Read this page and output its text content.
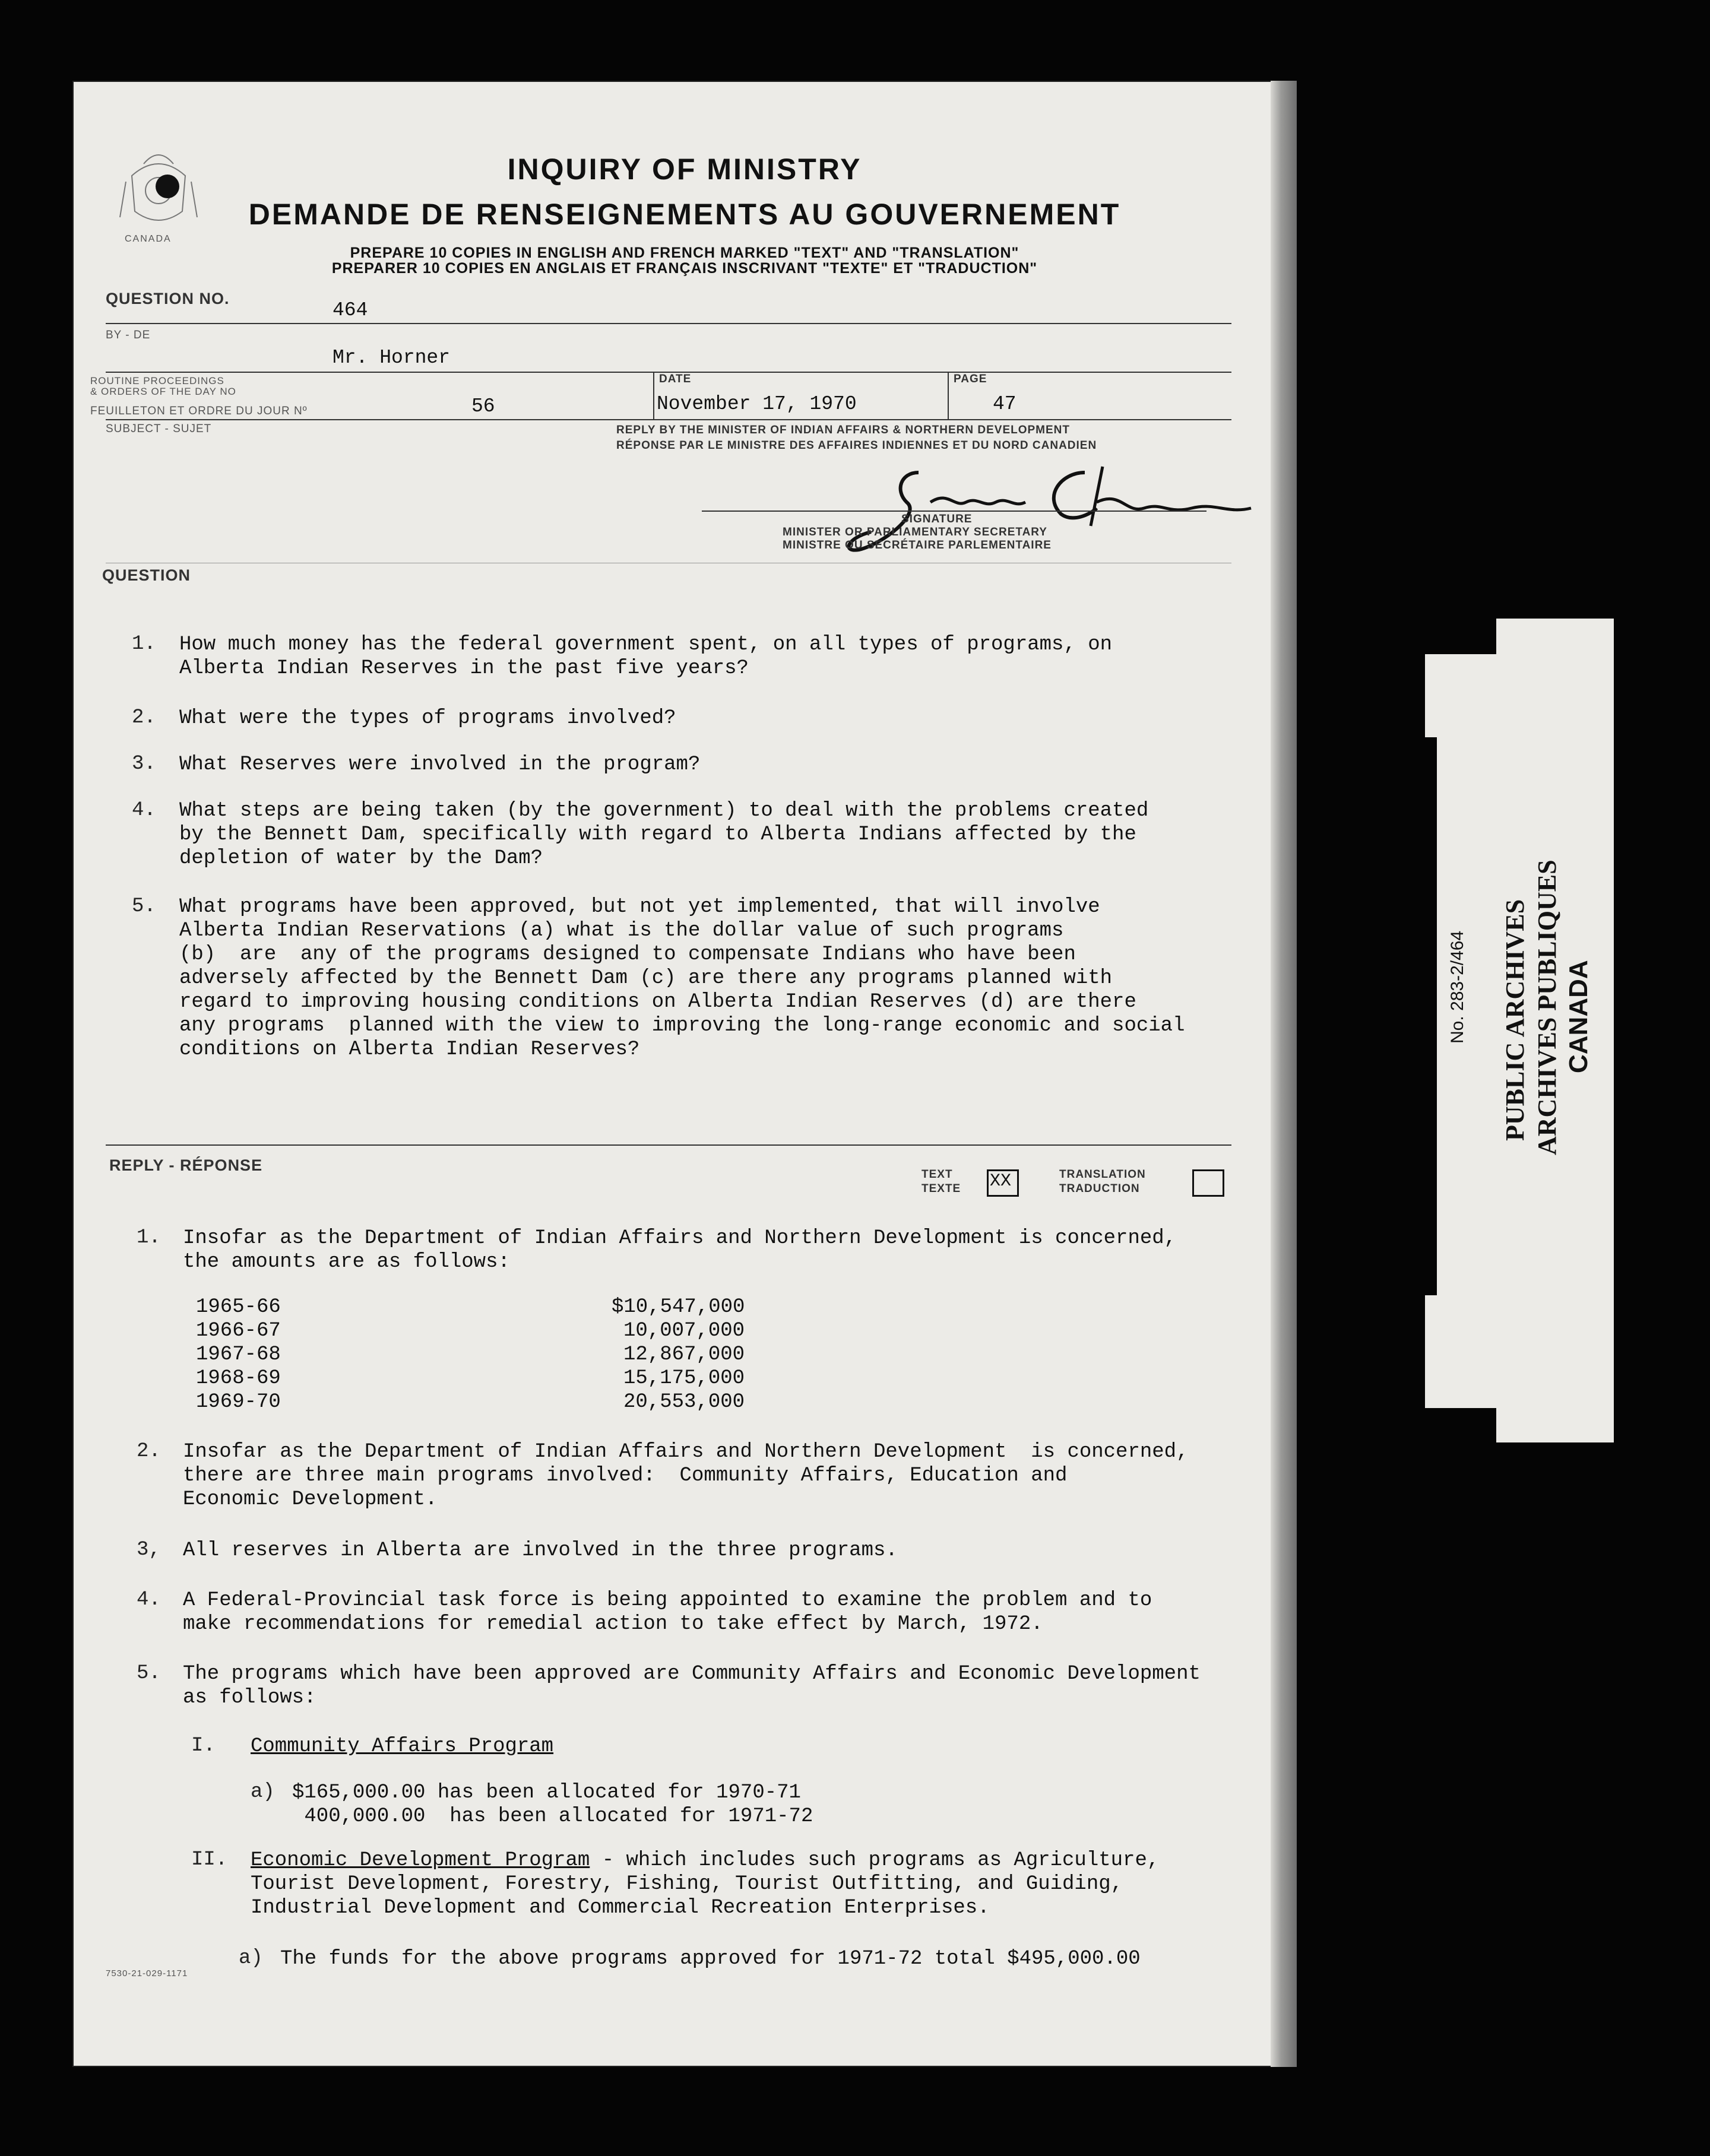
CANADA
INQUIRY OF MINISTRY
DEMANDE DE RENSEIGNEMENTS AU GOUVERNEMENT
PREPARE 10 COPIES IN ENGLISH AND FRENCH MARKED "TEXT" AND "TRANSLATION"
PREPARER 10 COPIES EN ANGLAIS ET FRANÇAIS INSCRIVANT "TEXTE" ET "TRADUCTION"
QUESTION NO.
464
BY - DE
Mr. Horner
ROUTINE PROCEEDINGS
& ORDERS OF THE DAY NO
FEUILLETON ET ORDRE DU JOUR Nº	56
DATE
November 17, 1970
PAGE
47
SUBJECT - SUJET	REPLY BY THE MINISTER OF INDIAN AFFAIRS & NORTHERN DEVELOPMENT
RÉPONSE PAR LE MINISTRE DES AFFAIRES INDIENNES ET DU NORD CANADIEN
SIGNATURE
MINISTER OR PARLIAMENTARY SECRETARY
MINISTRE OU SECRÉTAIRE PARLEMENTAIRE
QUESTION
1. How much money has the federal government spent, on all types of programs, on
Alberta Indian Reserves in the past five years?
2. What were the types of programs involved?
3. What Reserves were involved in the program?
4. What steps are being taken (by the government) to deal with the problems created
by the Bennett Dam, specifically with regard to Alberta Indians affected by the
depletion of water by the Dam?
5. What programs have been approved, but not yet implemented, that will involve
Alberta Indian Reservations (a) what is the dollar value of such programs
(b)  are  any of the programs designed to compensate Indians who have been
adversely affected by the Bennett Dam (c) are there any programs planned with
regard to improving housing conditions on Alberta Indian Reserves (d) are there
any programs  planned with the view to improving the long-range economic and social
conditions on Alberta Indian Reserves?
REPLY - RÉPONSE
TEXT
TEXTE XX	TRANSLATION
TRADUCTION
1. Insofar as the Department of Indian Affairs and Northern Development is concerned,
the amounts are as follows:
1965-66	$10,547,000
1966-67	10,007,000
1967-68	12,867,000
1968-69	15,175,000
1969-70	20,553,000
2. Insofar as the Department of Indian Affairs and Northern Development  is concerned,
there are three main programs involved:  Community Affairs, Education and
Economic Development.
3, All reserves in Alberta are involved in the three programs.
4. A Federal-Provincial task force is being appointed to examine the problem and to
make recommendations for remedial action to take effect by March, 1972.
5. The programs which have been approved are Community Affairs and Economic Development
as follows:
I. Community Affairs Program
a) $165,000.00 has been allocated for 1970-71
400,000.00  has been allocated for 1971-72
II. Economic Development Program - which includes such programs as Agriculture,
Tourist Development, Forestry, Fishing, Tourist Outfitting, and Guiding,
Industrial Development and Commercial Recreation Enterprises.
a) The funds for the above programs approved for 1971-72 total $495,000.00
7530-21-029-1171
No. 283-2/464 PUBLIC ARCHIVES ARCHIVES PUBLIQUES CANADA
